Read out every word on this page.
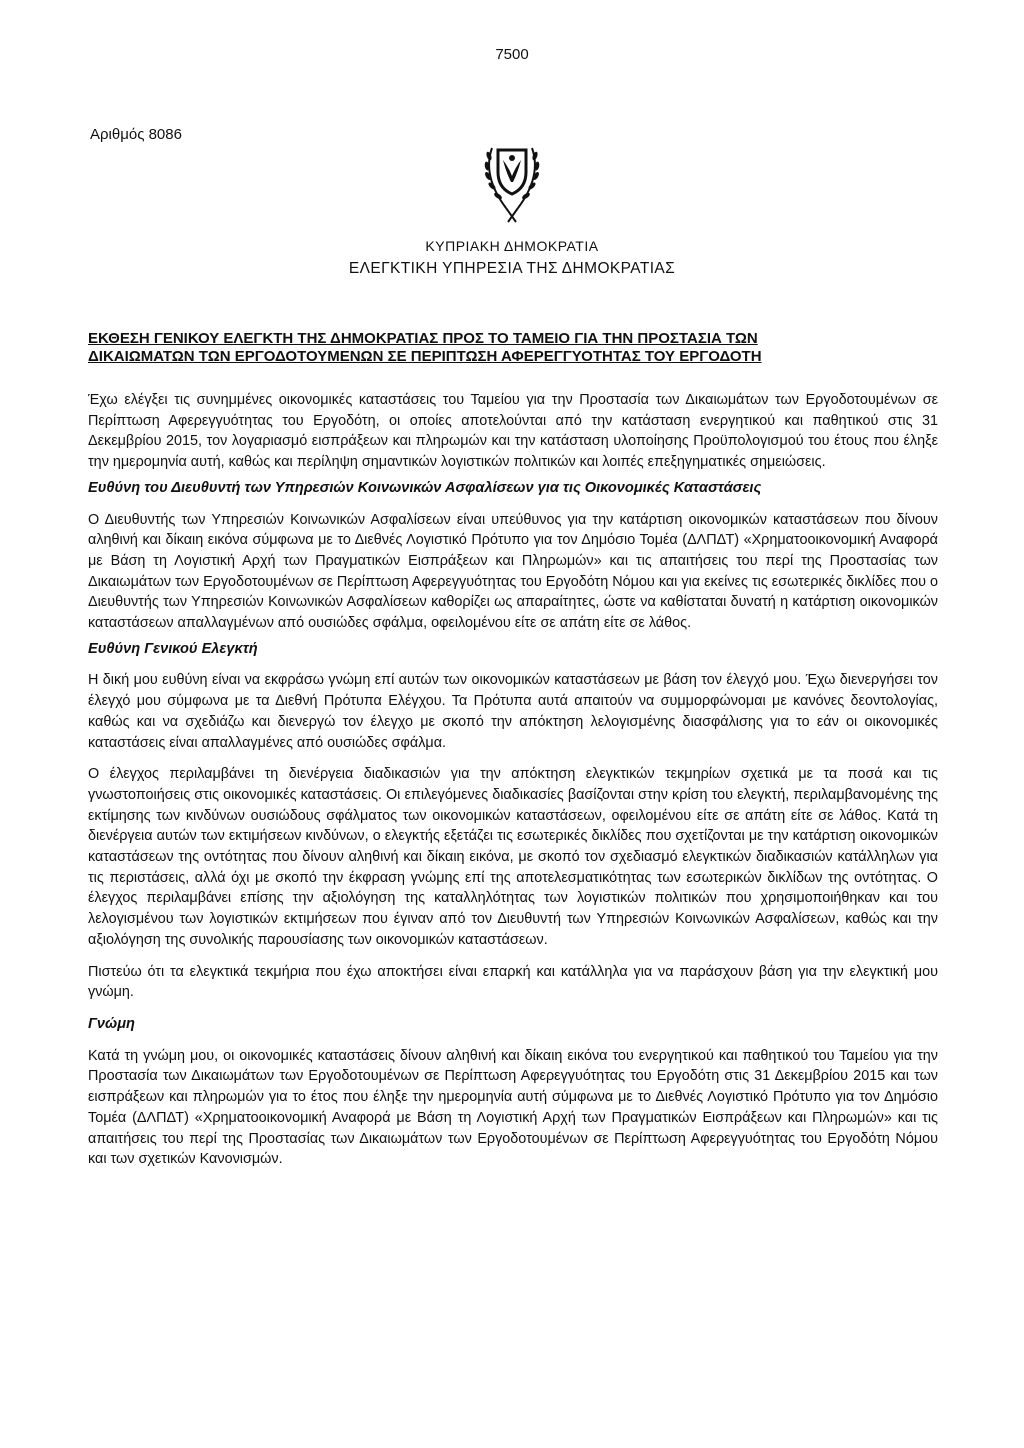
7500
Αριθμός 8086
ΚΥΠΡΙΑΚΗ ΔΗΜΟΚΡΑΤΙΑ
ΕΛΕΓΚΤΙΚΗ ΥΠΗΡΕΣΙΑ ΤΗΣ ΔΗΜΟΚΡΑΤΙΑΣ
ΕΚΘΕΣΗ ΓΕΝΙΚΟΥ ΕΛΕΓΚΤΗ ΤΗΣ ΔΗΜΟΚΡΑΤΙΑΣ ΠΡΟΣ ΤΟ ΤΑΜΕΙΟ ΓΙΑ ΤΗΝ ΠΡΟΣΤΑΣΙΑ ΤΩΝ
ΔΙΚΑΙΩΜΑΤΩΝ ΤΩΝ ΕΡΓΟΔΟΤΟΥΜΕΝΩΝ ΣΕ ΠΕΡΙΠΤΩΣΗ ΑΦΕΡΕΓΓΥΟΤΗΤΑΣ ΤΟΥ ΕΡΓΟΔΟΤΗ

Έχω ελέγξει τις συνημμένες οικονομικές καταστάσεις του Ταμείου για την Προστασία των Δικαιωμάτων των Εργοδοτουμένων σε Περίπτωση Αφερεγγυότητας του Εργοδότη, οι οποίες αποτελούνται από την κατάσταση ενεργητικού και παθητικού στις 31 Δεκεμβρίου 2015, τον λογαριασμό εισπράξεων και πληρωμών και την κατάσταση υλοποίησης Προϋπολογισμού του έτους που έληξε την ημερομηνία αυτή, καθώς και περίληψη σημαντικών λογιστικών πολιτικών και λοιπές επεξηγηματικές σημειώσεις.

Ευθύνη του Διευθυντή των Υπηρεσιών Κοινωνικών Ασφαλίσεων για τις Οικονομικές Καταστάσεις

Ο Διευθυντής των Υπηρεσιών Κοινωνικών Ασφαλίσεων είναι υπεύθυνος για την κατάρτιση οικονομικών καταστάσεων που δίνουν αληθινή και δίκαιη εικόνα σύμφωνα με το Διεθνές Λογιστικό Πρότυπο για τον Δημόσιο Τομέα (ΔΛΠΔΤ) «Χρηματοοικονομική Αναφορά με Βάση τη Λογιστική Αρχή των Πραγματικών Εισπράξεων και Πληρωμών» και τις απαιτήσεις του περί της Προστασίας των Δικαιωμάτων των Εργοδοτουμένων σε Περίπτωση Αφερεγγυότητας του Εργοδότη Νόμου και για εκείνες τις εσωτερικές δικλίδες που ο Διευθυντής των Υπηρεσιών Κοινωνικών Ασφαλίσεων καθορίζει ως απαραίτητες, ώστε να καθίσταται δυνατή η κατάρτιση οικονομικών καταστάσεων απαλλαγμένων από ουσιώδες σφάλμα, οφειλομένου είτε σε απάτη είτε σε λάθος.

Ευθύνη Γενικού Ελεγκτή

Η δική μου ευθύνη είναι να εκφράσω γνώμη επί αυτών των οικονομικών καταστάσεων με βάση τον έλεγχό μου. Έχω διενεργήσει τον έλεγχό μου σύμφωνα με τα Διεθνή Πρότυπα Ελέγχου. Τα Πρότυπα αυτά απαιτούν να συμμορφώνομαι με κανόνες δεοντολογίας, καθώς και να σχεδιάζω και διενεργώ τον έλεγχο με σκοπό την απόκτηση λελογισμένης διασφάλισης για το εάν οι οικονομικές καταστάσεις είναι απαλλαγμένες από ουσιώδες σφάλμα.

Ο έλεγχος περιλαμβάνει τη διενέργεια διαδικασιών για την απόκτηση ελεγκτικών τεκμηρίων σχετικά με τα ποσά και τις γνωστοποιήσεις στις οικονομικές καταστάσεις. Οι επιλεγόμενες διαδικασίες βασίζονται στην κρίση του ελεγκτή, περιλαμβανομένης της εκτίμησης των κινδύνων ουσιώδους σφάλματος των οικονομικών καταστάσεων, οφειλομένου είτε σε απάτη είτε σε λάθος. Κατά τη διενέργεια αυτών των εκτιμήσεων κινδύνων, ο ελεγκτής εξετάζει τις εσωτερικές δικλίδες που σχετίζονται με την κατάρτιση οικονομικών καταστάσεων της οντότητας που δίνουν αληθινή και δίκαιη εικόνα, με σκοπό τον σχεδιασμό ελεγκτικών διαδικασιών κατάλληλων για τις περιστάσεις, αλλά όχι με σκοπό την έκφραση γνώμης επί της αποτελεσματικότητας των εσωτερικών δικλίδων της οντότητας. Ο έλεγχος περιλαμβάνει επίσης την αξιολόγηση της καταλληλότητας των λογιστικών πολιτικών που χρησιμοποιήθηκαν και του λελογισμένου των λογιστικών εκτιμήσεων που έγιναν από τον Διευθυντή των Υπηρεσιών Κοινωνικών Ασφαλίσεων, καθώς και την αξιολόγηση της συνολικής παρουσίασης των οικονομικών καταστάσεων.

Πιστεύω ότι τα ελεγκτικά τεκμήρια που έχω αποκτήσει είναι επαρκή και κατάλληλα για να παράσχουν βάση για την ελεγκτική μου γνώμη.

Γνώμη

Κατά τη γνώμη μου, οι οικονομικές καταστάσεις δίνουν αληθινή και δίκαιη εικόνα του ενεργητικού και παθητικού του Ταμείου για την Προστασία των Δικαιωμάτων των Εργοδοτουμένων σε Περίπτωση Αφερεγγυότητας του Εργοδότη στις 31 Δεκεμβρίου 2015 και των εισπράξεων και πληρωμών για το έτος που έληξε την ημερομηνία αυτή σύμφωνα με το Διεθνές Λογιστικό Πρότυπο για τον Δημόσιο Τομέα (ΔΛΠΔΤ) «Χρηματοοικονομική Αναφορά με Βάση τη Λογιστική Αρχή των Πραγματικών Εισπράξεων και Πληρωμών» και τις απαιτήσεις του περί της Προστασίας των Δικαιωμάτων των Εργοδοτουμένων σε Περίπτωση Αφερεγγυότητας του Εργοδότη Νόμου και των σχετικών Κανονισμών.
